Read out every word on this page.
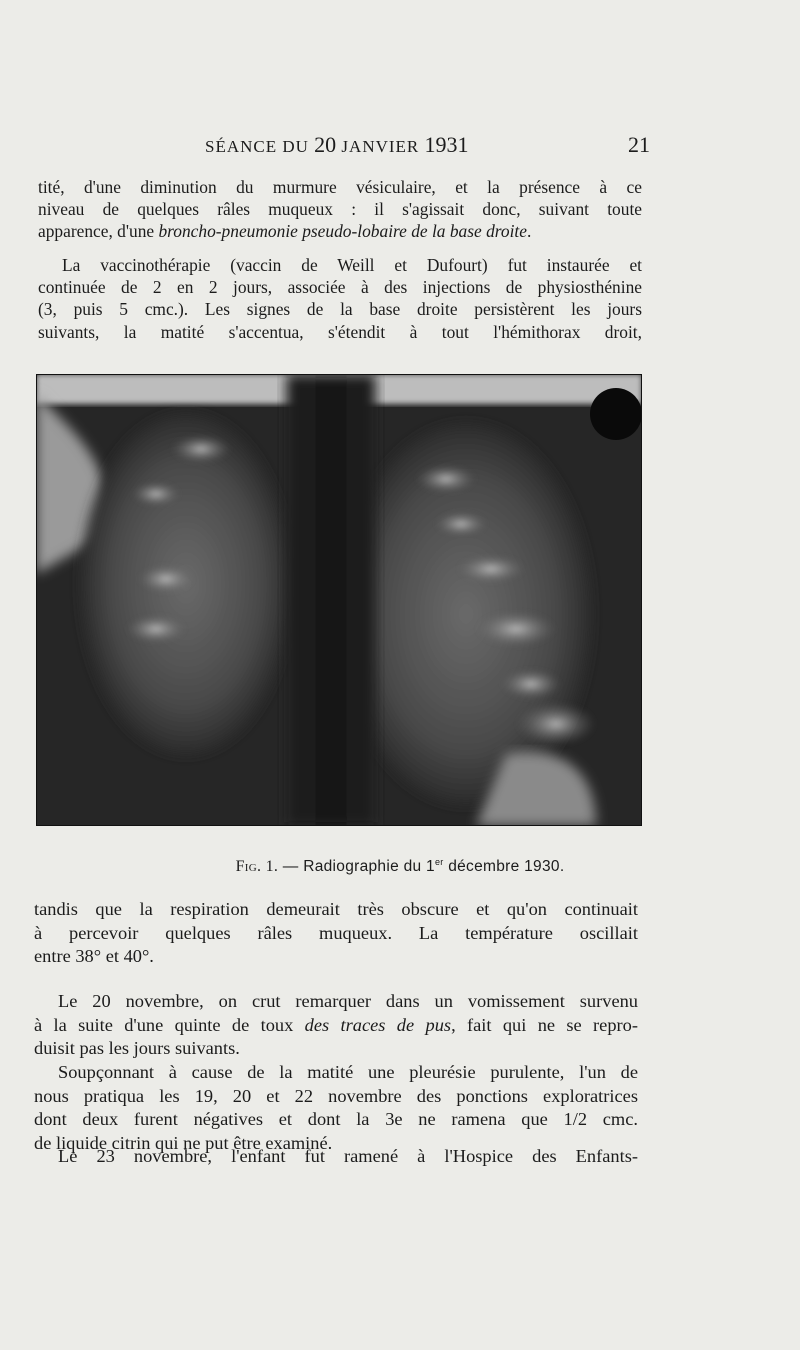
SÉANCE DU 20 JANVIER 1931	21
tité, d'une diminution du murmure vésiculaire, et la présence à ce
niveau de quelques râles muqueux : il s'agissait donc, suivant toute
apparence, d'une broncho-pneumonie pseudo-lobaire de la base droite.
La vaccinothérapie (vaccin de Weill et Dufourt) fut instaurée et
continuée de 2 en 2 jours, associée à des injections de physiosthénine
(3, puis 5 cmc.). Les signes de la base droite persistèrent les jours
suivants, la matité s'accentua, s'étendit à tout l'hémithorax droit,
Fig. 1. — Radiographie du 1er décembre 1930.
tandis que la respiration demeurait très obscure et qu'on continuait
à percevoir quelques râles muqueux. La température oscillait
entre 38° et 40°.
Le 20 novembre, on crut remarquer dans un vomissement survenu
à la suite d'une quinte de toux des traces de pus, fait qui ne se repro-
duisit pas les jours suivants.
Soupçonnant à cause de la matité une pleurésie purulente, l'un de
nous pratiqua les 19, 20 et 22 novembre des ponctions exploratrices
dont deux furent négatives et dont la 3e ne ramena que 1/2 cmc.
de liquide citrin qui ne put être examiné.
Le 23 novembre, l'enfant fut ramené à l'Hospice des Enfants-
